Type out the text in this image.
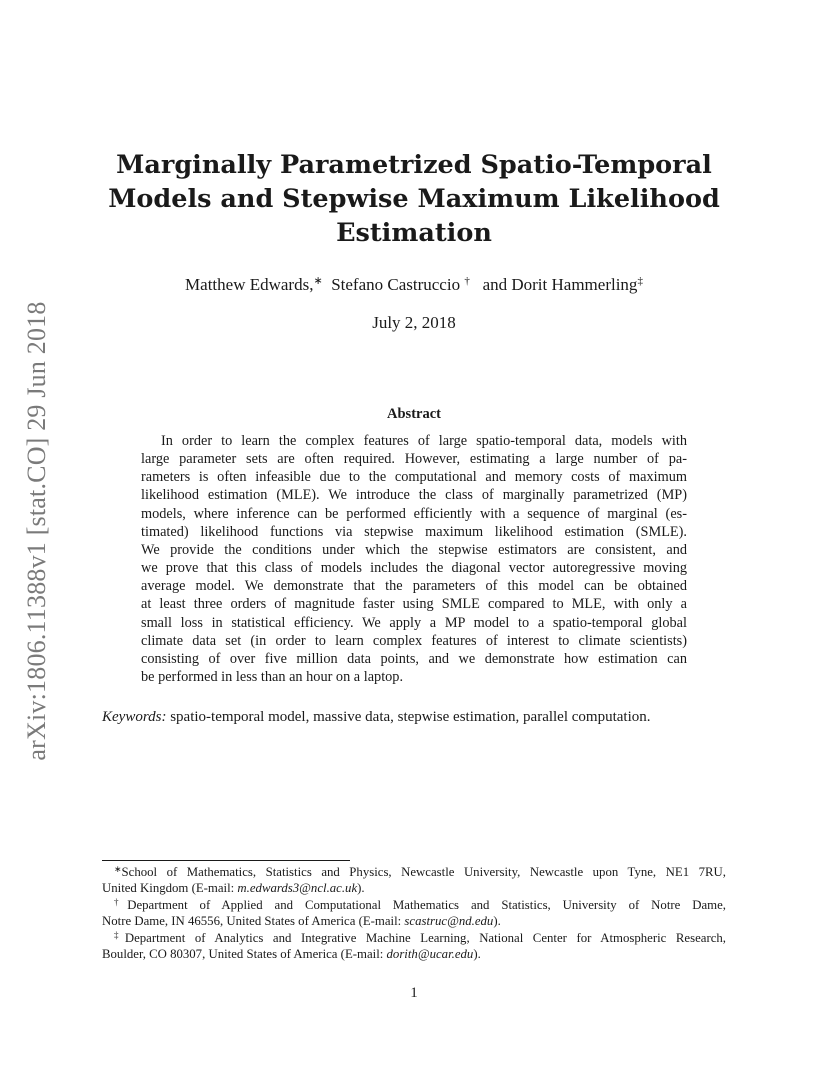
arXiv:1806.11388v1 [stat.CO] 29 Jun 2018
Marginally Parametrized Spatio-Temporal
Models and Stepwise Maximum Likelihood
Estimation
Matthew Edwards,∗ Stefano Castruccio † and Dorit Hammerling‡
July 2, 2018
Abstract

In order to learn the complex features of large spatio-temporal data, models with
large parameter sets are often required. However, estimating a large number of pa-
rameters is often infeasible due to the computational and memory costs of maximum
likelihood estimation (MLE). We introduce the class of marginally parametrized (MP)
models, where inference can be performed efficiently with a sequence of marginal (es-
timated) likelihood functions via stepwise maximum likelihood estimation (SMLE).
We provide the conditions under which the stepwise estimators are consistent, and
we prove that this class of models includes the diagonal vector autoregressive moving
average model. We demonstrate that the parameters of this model can be obtained
at least three orders of magnitude faster using SMLE compared to MLE, with only a
small loss in statistical efficiency. We apply a MP model to a spatio-temporal global
climate data set (in order to learn complex features of interest to climate scientists)
consisting of over five million data points, and we demonstrate how estimation can
be performed in less than an hour on a laptop.

Keywords: spatio-temporal model, massive data, stepwise estimation, parallel computation.
∗School of Mathematics, Statistics and Physics, Newcastle University, Newcastle upon Tyne, NE1 7RU,
United Kingdom (E-mail: m.edwards3@ncl.ac.uk).
†Department of Applied and Computational Mathematics and Statistics, University of Notre Dame,
Notre Dame, IN 46556, United States of America (E-mail: scastruc@nd.edu).
‡Department of Analytics and Integrative Machine Learning, National Center for Atmospheric Research,
Boulder, CO 80307, United States of America (E-mail: dorith@ucar.edu).
1
